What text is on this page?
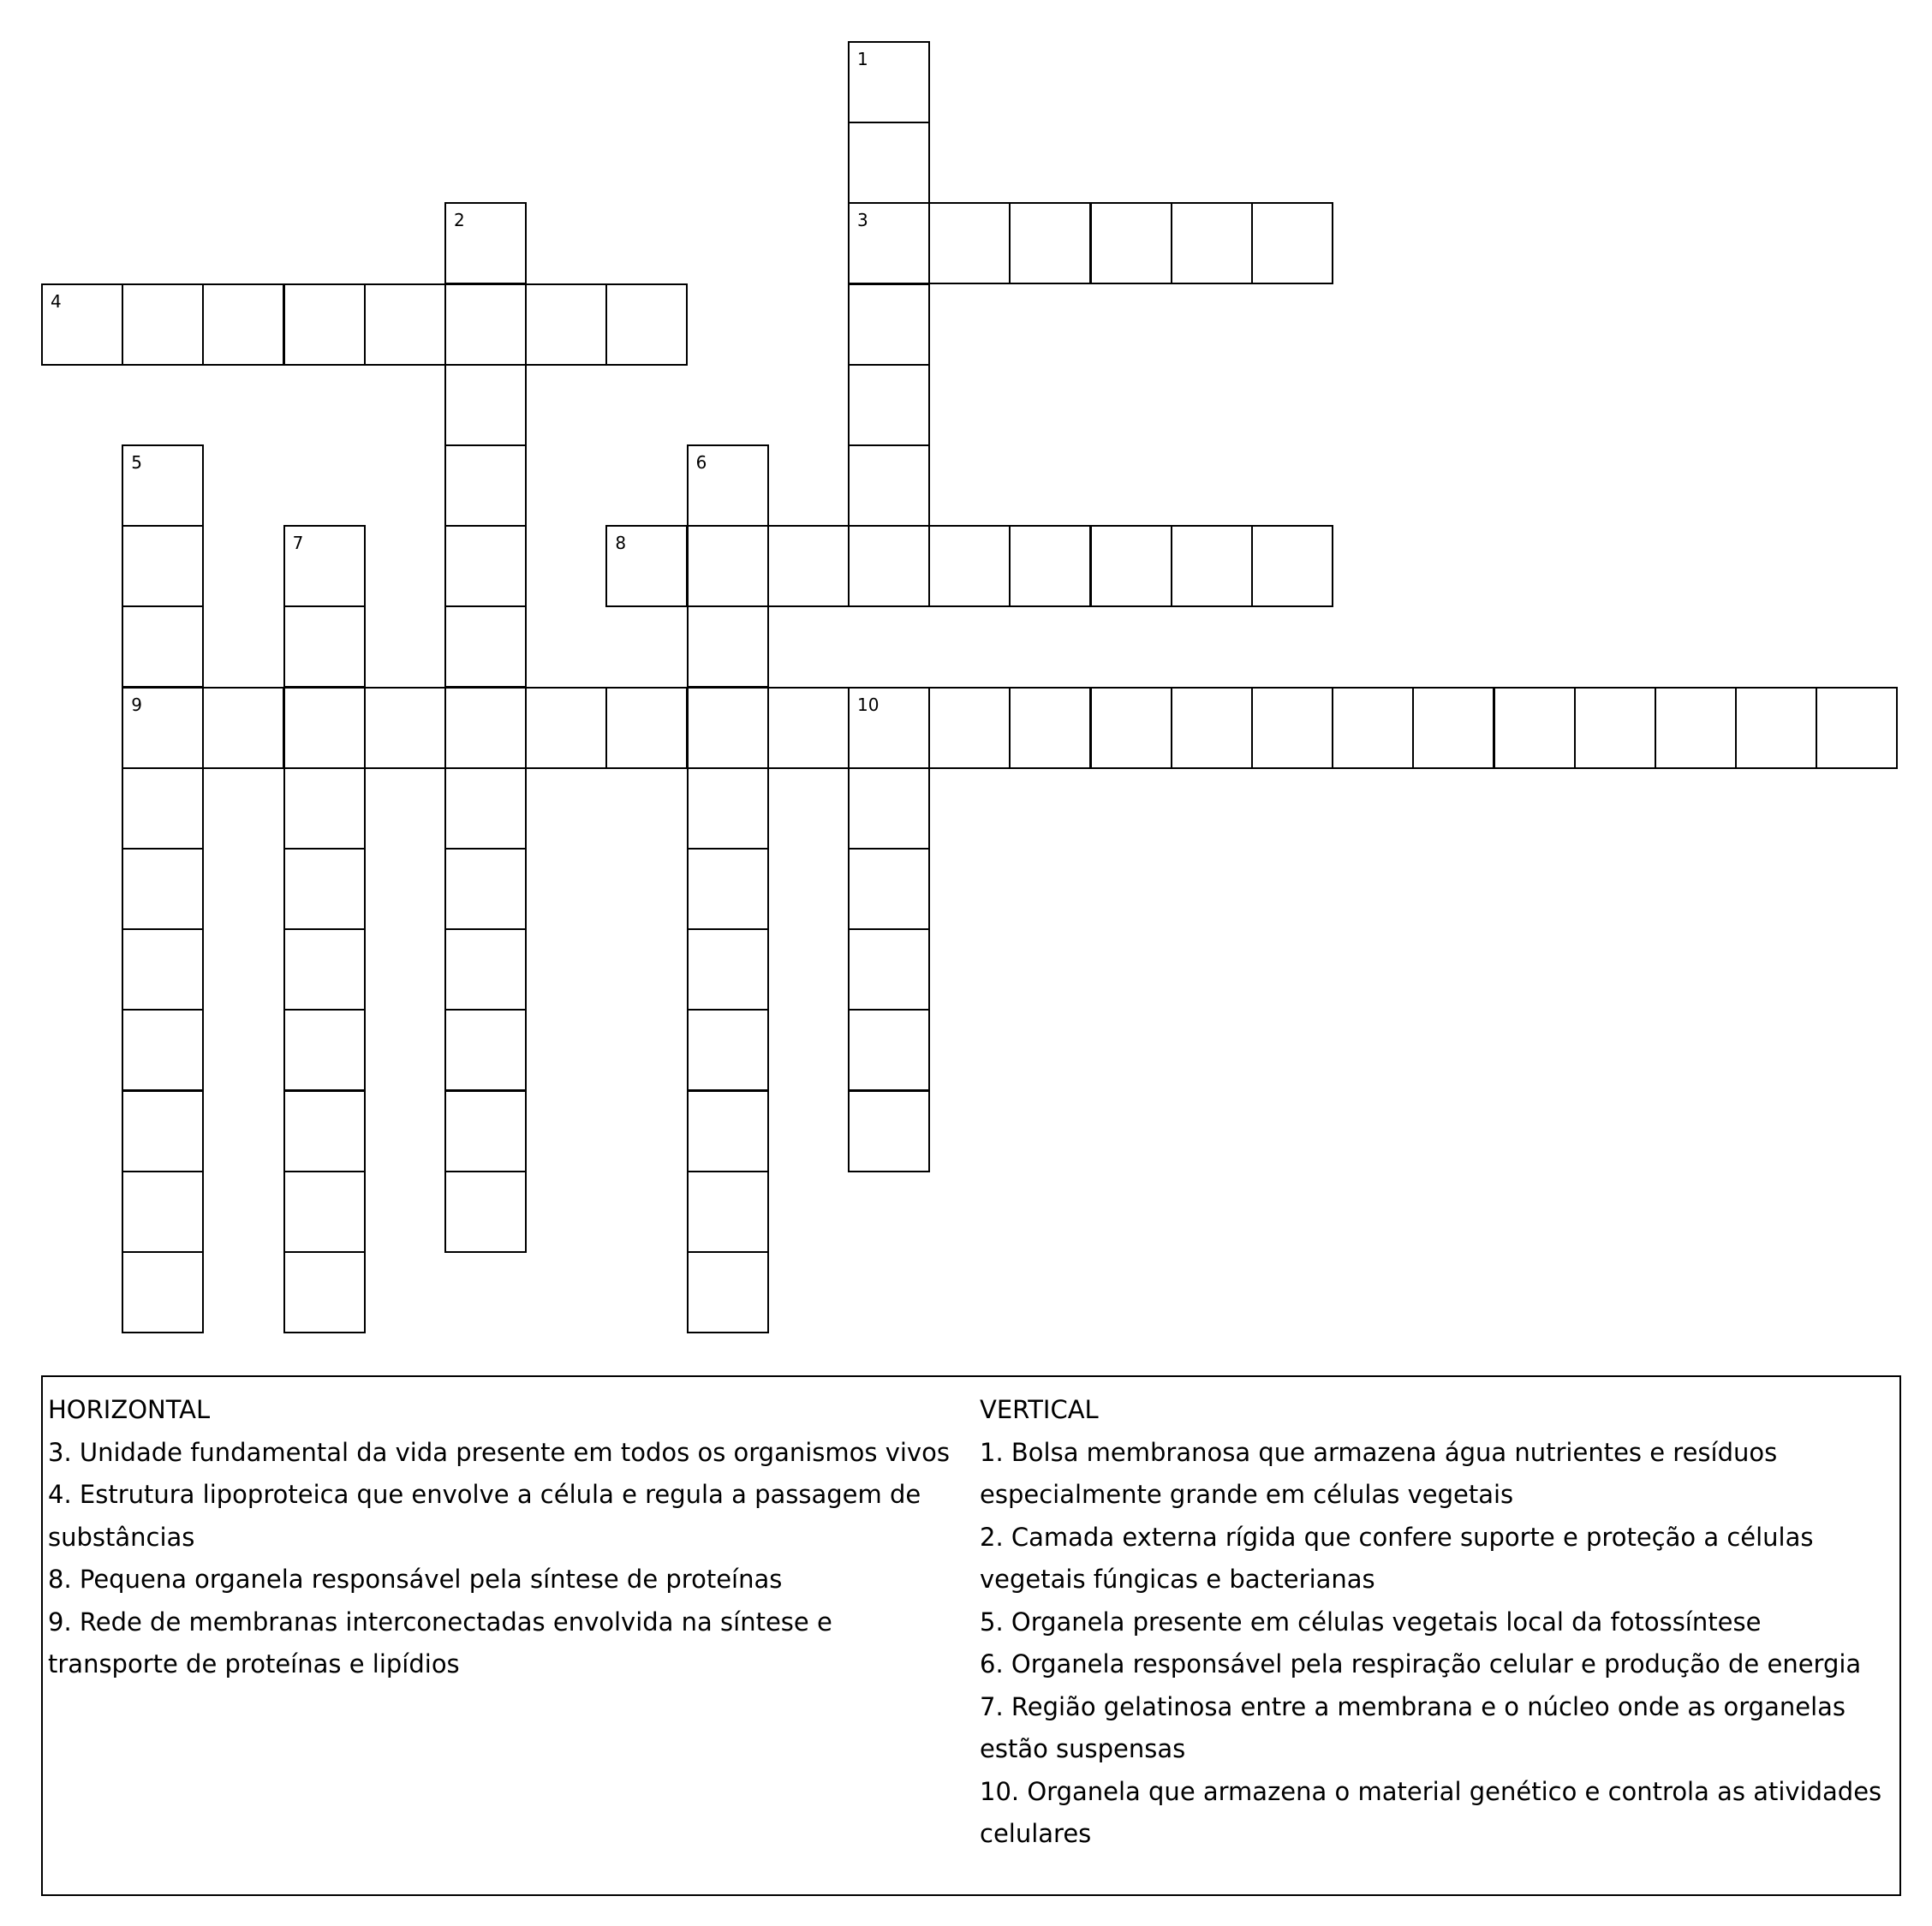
1
3
2
4
5
9
6
7	8
10
HORIZONTAL
3. Unidade fundamental da vida presente em todos os organismos vivos
4. Estrutura lipoproteica que envolve a célula e regula a passagem de substâncias
8. Pequena organela responsável pela síntese de proteínas
9. Rede de membranas interconectadas envolvida na síntese e transporte de proteínas e lipídios
VERTICAL
1. Bolsa membranosa que armazena água nutrientes e resíduos especialmente grande em células vegetais
2. Camada externa rígida que confere suporte e proteção a células vegetais fúngicas e bacterianas
5. Organela presente em células vegetais local da fotossíntese
6. Organela responsável pela respiração celular e produção de energia
7. Região gelatinosa entre a membrana e o núcleo onde as organelas estão suspensas
10. Organela que armazena o material genético e controla as atividades celulares
